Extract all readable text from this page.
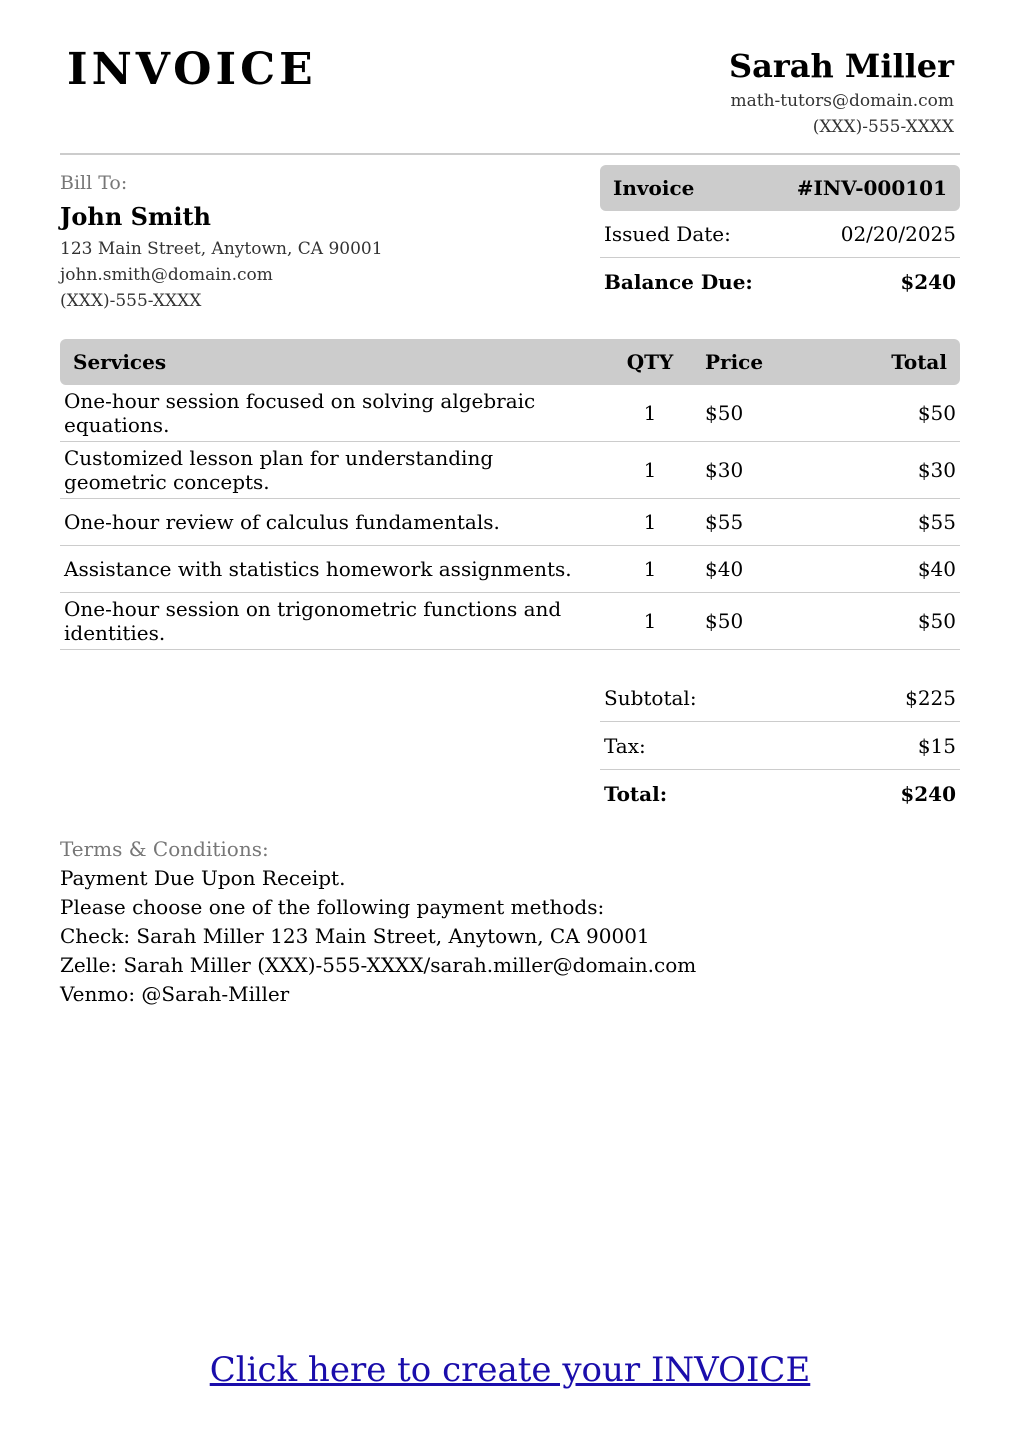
INVOICE	Sarah Miller
math-tutors@domain.com
(XXX)-555-XXXX
Bill To:
John Smith
123 Main Street, Anytown, CA 90001
john.smith@domain.com
(XXX)-555-XXXX
Invoice	#INV-000101
Issued Date:	02/20/2025
Balance Due:	$240
Services	QTY	Price	Total
One-hour session focused on solving algebraic equations.	1	$50	$50
Customized lesson plan for understanding geometric concepts.	1	$30	$30
One-hour review of calculus fundamentals.	1	$55	$55
Assistance with statistics homework assignments.	1	$40	$40
One-hour session on trigonometric functions and identities.	1	$50	$50
Subtotal:	$225
Tax:	$15
Total:	$240
Terms & Conditions:
Payment Due Upon Receipt.
Please choose one of the following payment methods:
Check: Sarah Miller 123 Main Street, Anytown, CA 90001
Zelle: Sarah Miller (XXX)-555-XXXX/sarah.miller@domain.com
Venmo: @Sarah-Miller
Click here to create your INVOICE
